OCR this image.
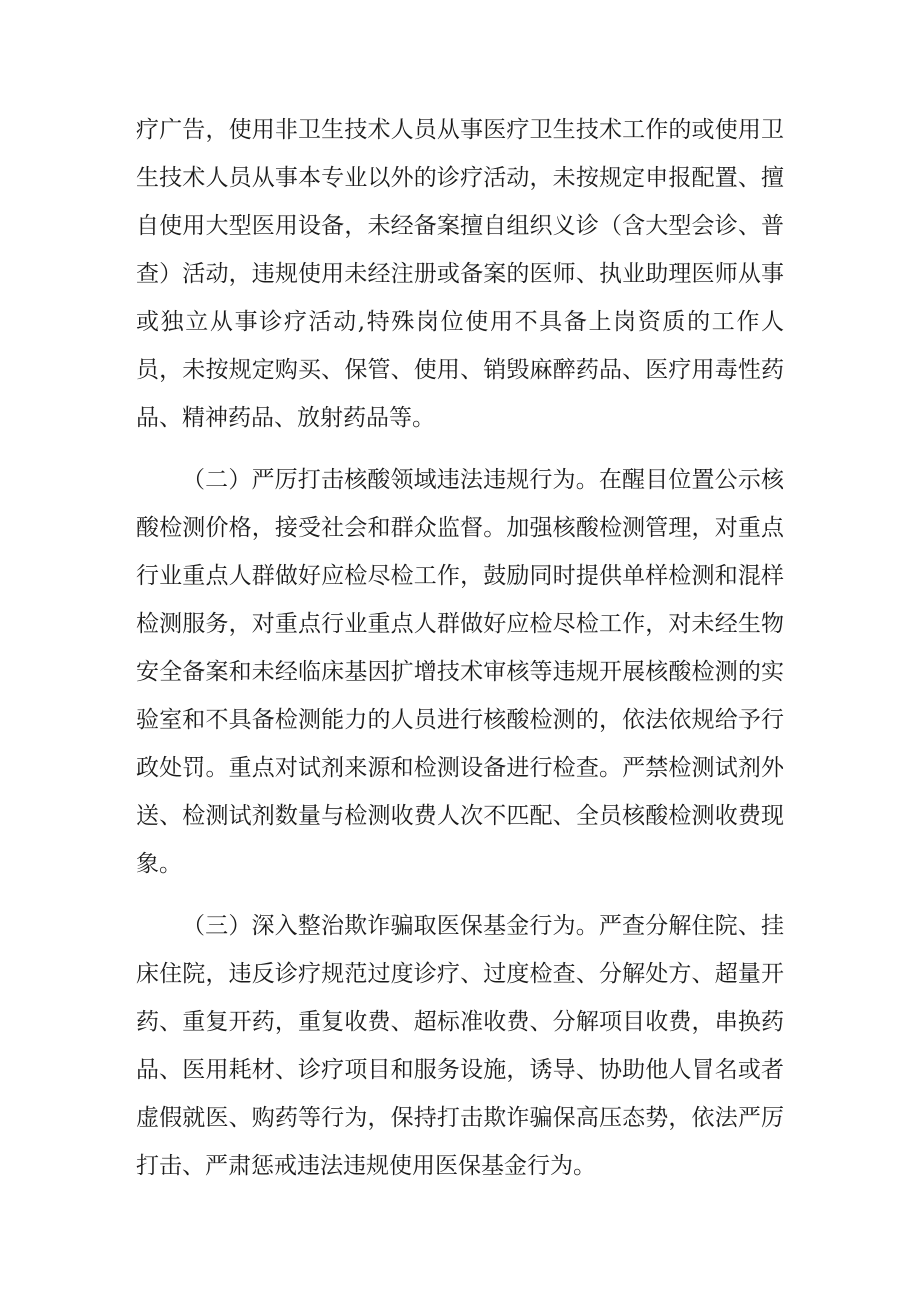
疗广告，使用非卫生技术人员从事医疗卫生技术工作的或使用卫生技术人员从事本专业以外的诊疗活动，未按规定申报配置、擅自使用大型医用设备，未经备案擅自组织义诊（含大型会诊、普查）活动，违规使用未经注册或备案的医师、执业助理医师从事或独立从事诊疗活动,特殊岗位使用不具备上岗资质的工作人员，未按规定购买、保管、使用、销毁麻醉药品、医疗用毒性药品、精神药品、放射药品等。

（二）严厉打击核酸领域违法违规行为。在醒目位置公示核酸检测价格，接受社会和群众监督。加强核酸检测管理，对重点行业重点人群做好应检尽检工作，鼓励同时提供单样检测和混样检测服务，对重点行业重点人群做好应检尽检工作，对未经生物安全备案和未经临床基因扩增技术审核等违规开展核酸检测的实验室和不具备检测能力的人员进行核酸检测的，依法依规给予行政处罚。重点对试剂来源和检测设备进行检查。严禁检测试剂外送、检测试剂数量与检测收费人次不匹配、全员核酸检测收费现象。

（三）深入整治欺诈骗取医保基金行为。严查分解住院、挂床住院，违反诊疗规范过度诊疗、过度检查、分解处方、超量开药、重复开药，重复收费、超标准收费、分解项目收费，串换药品、医用耗材、诊疗项目和服务设施，诱导、协助他人冒名或者虚假就医、购药等行为，保持打击欺诈骗保高压态势，依法严厉打击、严肃惩戒违法违规使用医保基金行为。
